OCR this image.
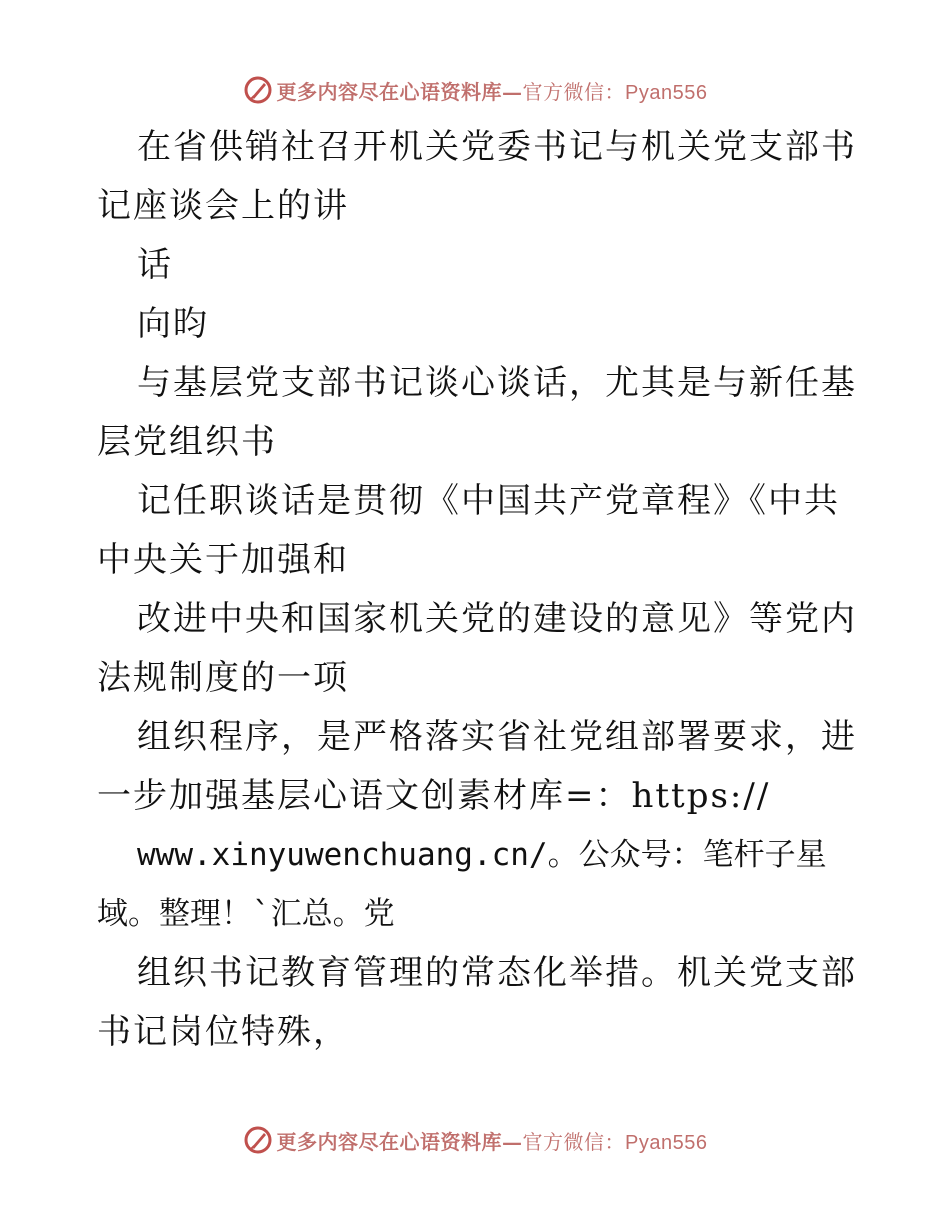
更多内容尽在心语资料库—官方微信：Pyan556

在省供销社召开机关党委书记与机关党支部书记座谈会上的讲

话

向昀

与基层党支部书记谈心谈话，尤其是与新任基层党组织书

记任职谈话是贯彻《中国共产党章程》《中共中央关于加强和

改进中央和国家机关党的建设的意见》等党内法规制度的一项

组织程序，是严格落实省社党组部署要求，进一步加强基层心语文创素材库=：https://

www.xinyuwenchuang.cn/。公众号：笔杆子星域。整理！`汇总。党

组织书记教育管理的常态化举措。机关党支部书记岗位特殊，

更多内容尽在心语资料库—官方微信：Pyan556
